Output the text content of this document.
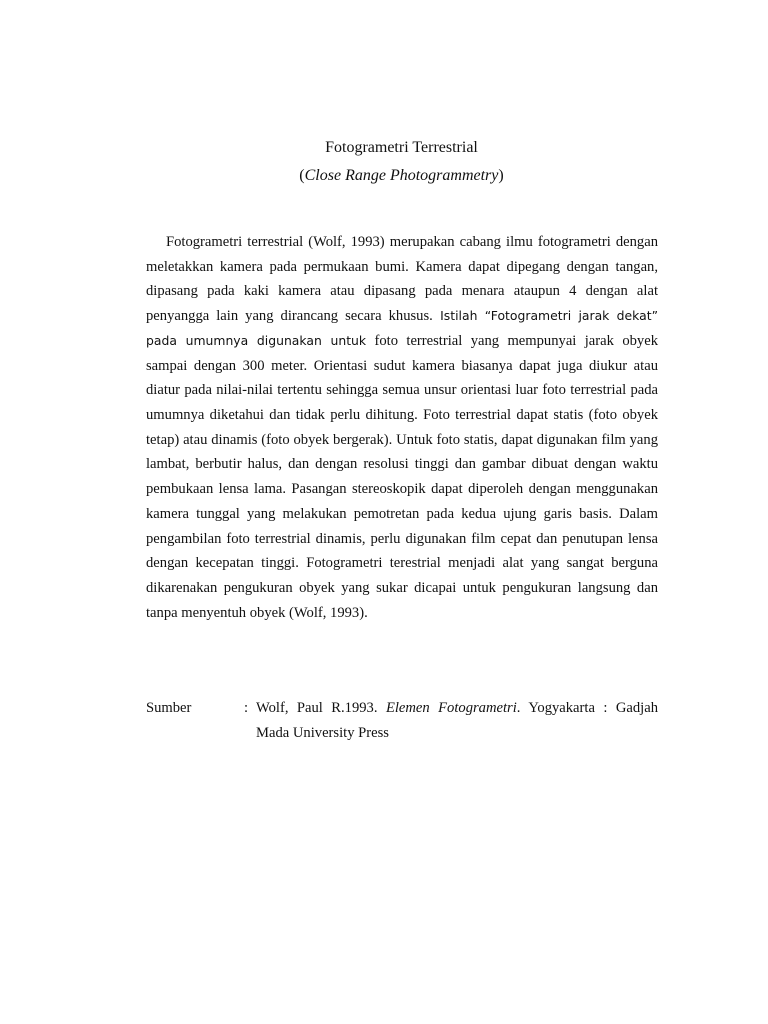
Fotogrametri Terrestrial
(Close Range Photogrammetry)

Fotogrametri terrestrial (Wolf, 1993) merupakan cabang ilmu fotogrametri dengan meletakkan kamera pada permukaan bumi. Kamera dapat dipegang dengan tangan, dipasang pada kaki kamera atau dipasang pada menara ataupun 4 dengan alat penyangga lain yang dirancang secara khusus. Istilah “Fotogrametri jarak dekat” pada umumnya digunakan untuk foto terrestrial yang mempunyai jarak obyek sampai dengan 300 meter. Orientasi sudut kamera biasanya dapat juga diukur atau diatur pada nilai-nilai tertentu sehingga semua unsur orientasi luar foto terrestrial pada umumnya diketahui dan tidak perlu dihitung. Foto terrestrial dapat statis (foto obyek tetap) atau dinamis (foto obyek bergerak). Untuk foto statis, dapat digunakan film yang lambat, berbutir halus, dan dengan resolusi tinggi dan gambar dibuat dengan waktu pembukaan lensa lama. Pasangan stereoskopik dapat diperoleh dengan menggunakan kamera tunggal yang melakukan pemotretan pada kedua ujung garis basis. Dalam pengambilan foto terrestrial dinamis, perlu digunakan film cepat dan penutupan lensa dengan kecepatan tinggi. Fotogrametri terestrial menjadi alat yang sangat berguna dikarenakan pengukuran obyek yang sukar dicapai untuk pengukuran langsung dan tanpa menyentuh obyek (Wolf, 1993).

Sumber	: Wolf, Paul R.1993. Elemen Fotogrametri. Yogyakarta : Gadjah Mada University Press
